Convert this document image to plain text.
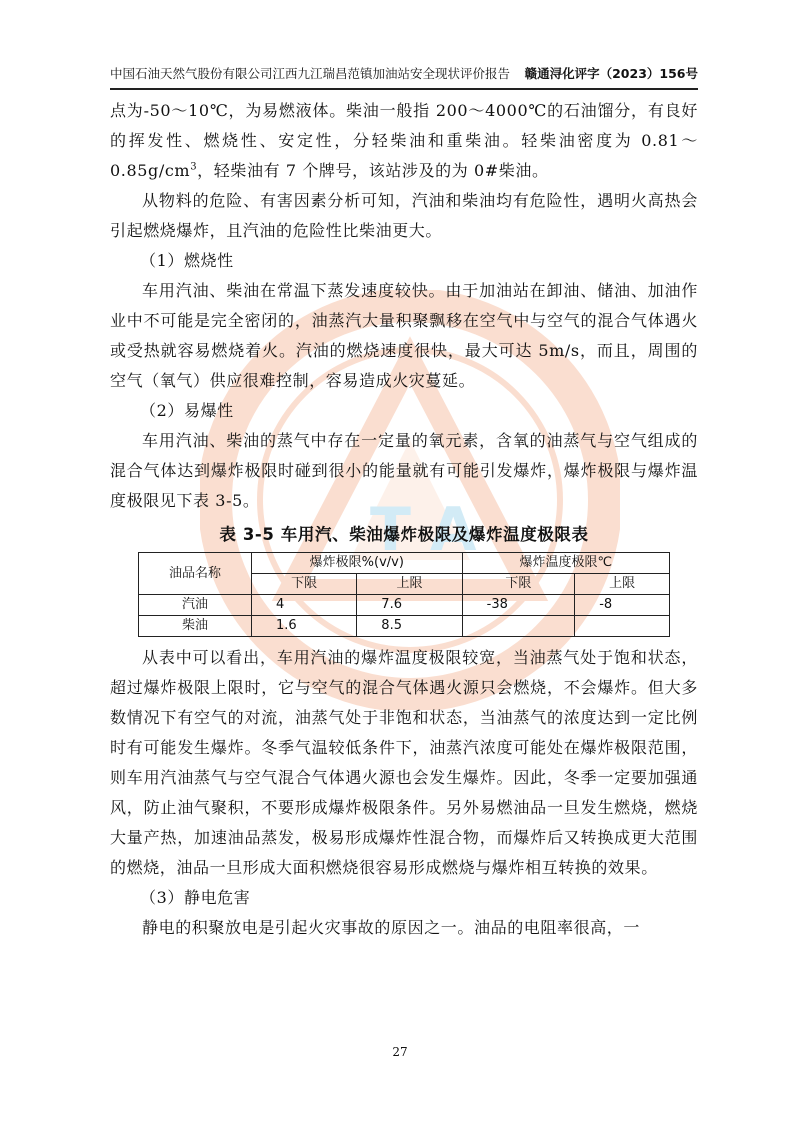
中国石油天然气股份有限公司江西九江瑞昌范镇加油站安全现状评价报告 赣通浔化评字（2023）156号
A
T

点为-50～10℃，为易燃液体。柴油一般指 200～4000℃的石油馏分，有良好的挥发性、燃烧性、安定性，分轻柴油和重柴油。轻柴油密度为 $0.81\sim 0.85g/cm^3$，轻柴油有 7 个牌号，该站涉及的为 0#柴油。

从物料的危险、有害因素分析可知，汽油和柴油均有危险性，遇明火高热会引起燃烧爆炸，且汽油的危险性比柴油更大。

（1）燃烧性

车用汽油、柴油在常温下蒸发速度较快。由于加油站在卸油、储油、加油作业中不可能是完全密闭的，油蒸汽大量积聚飘移在空气中与空气的混合气体遇火或受热就容易燃烧着火。汽油的燃烧速度很快，最大可达 5m/s，而且，周围的空气（氧气）供应很难控制，容易造成火灾蔓延。

（2）易爆性

车用汽油、柴油的蒸气中存在一定量的氧元素，含氧的油蒸气与空气组成的混合气体达到爆炸极限时碰到很小的能量就有可能引发爆炸，爆炸极限与爆炸温度极限见下表 3-5。

表 3-5 车用汽、柴油爆炸极限及爆炸温度极限表
油品名称	爆炸极限%(v/v)		爆炸温度极限℃	
	下限	上限	下限	上限
汽油	4	7.6	-38	-8
柴油	1.6	8.5		

从表中可以看出，车用汽油的爆炸温度极限较宽，当油蒸气处于饱和状态，超过爆炸极限上限时，它与空气的混合气体遇火源只会燃烧，不会爆炸。但大多数情况下有空气的对流，油蒸气处于非饱和状态，当油蒸气的浓度达到一定比例时有可能发生爆炸。冬季气温较低条件下，油蒸汽浓度可能处在爆炸极限范围，则车用汽油蒸气与空气混合气体遇火源也会发生爆炸。因此，冬季一定要加强通风，防止油气聚积，不要形成爆炸极限条件。另外易燃油品一旦发生燃烧，燃烧大量产热，加速油品蒸发，极易形成爆炸性混合物，而爆炸后又转换成更大范围的燃烧，油品一旦形成大面积燃烧很容易形成燃烧与爆炸相互转换的效果。

（3）静电危害

静电的积聚放电是引起火灾事故的原因之一。油品的电阻率很高，一

27
